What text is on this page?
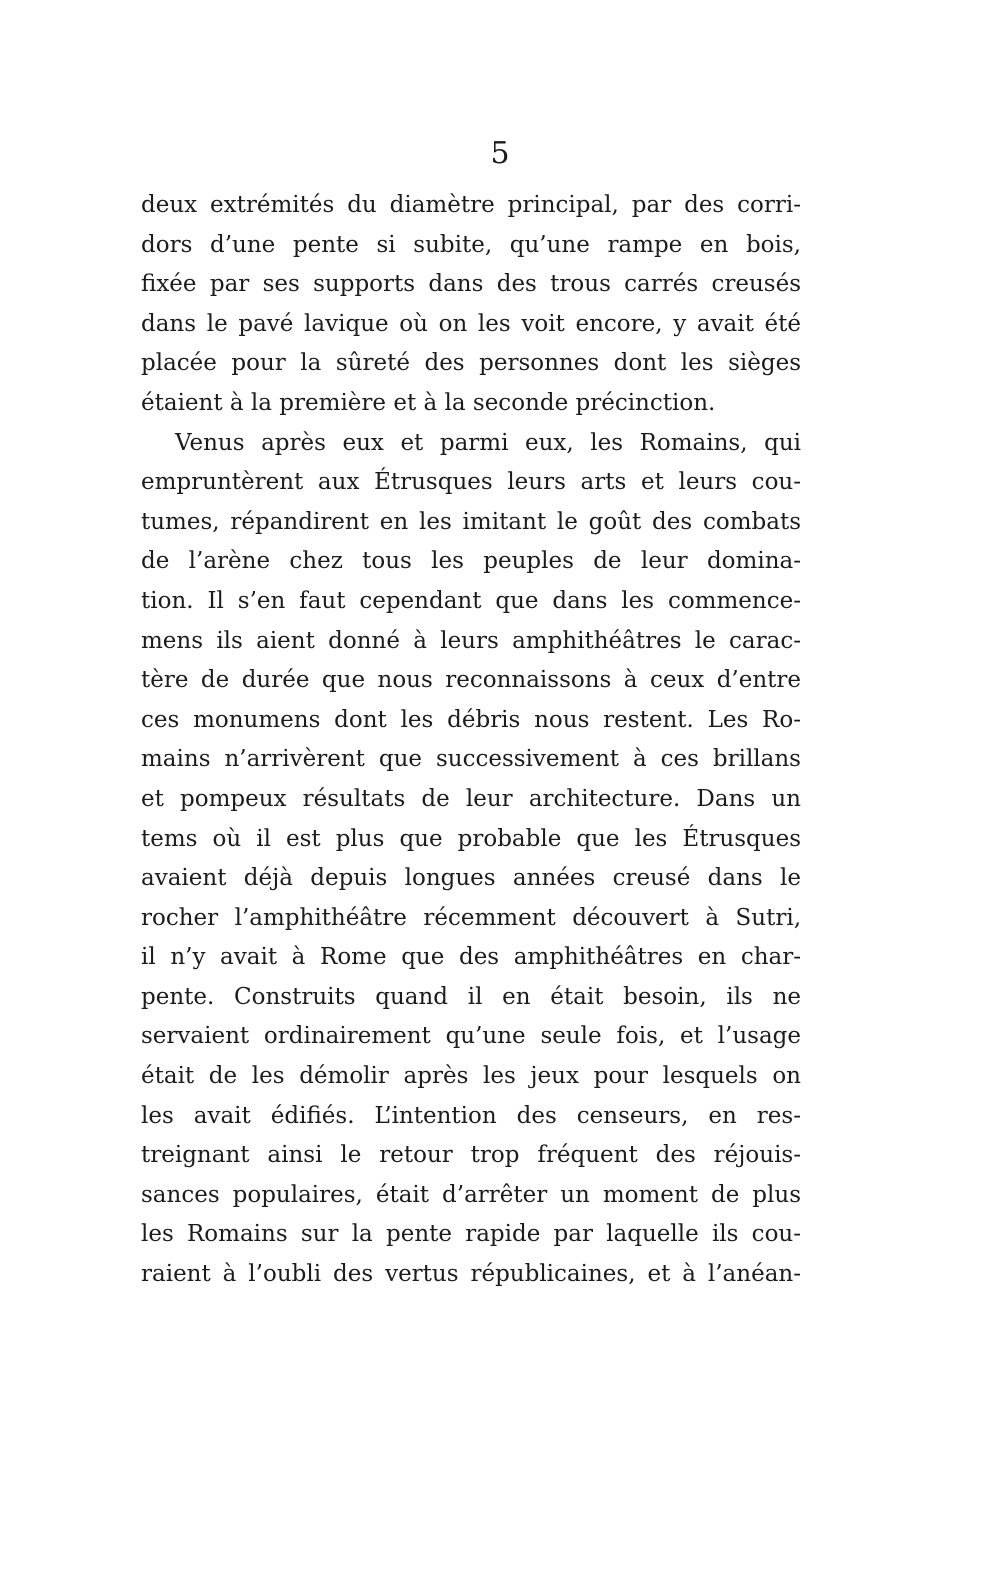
5
deux extrémités du diamètre principal, par des corri-
dors d’une pente si subite, qu’une rampe en bois,
fixée par ses supports dans des trous carrés creusés
dans le pavé lavique où on les voit encore, y avait été
placée pour la sûreté des personnes dont les sièges
étaient à la première et à la seconde précinction.
Venus après eux et parmi eux, les Romains, qui
empruntèrent aux Étrusques leurs arts et leurs cou-
tumes, répandirent en les imitant le goût des combats
de l’arène chez tous les peuples de leur domina-
tion. Il s’en faut cependant que dans les commence-
mens ils aient donné à leurs amphithéâtres le carac-
tère de durée que nous reconnaissons à ceux d’entre
ces monumens dont les débris nous restent. Les Ro-
mains n’arrivèrent que successivement à ces brillans
et pompeux résultats de leur architecture. Dans un
tems où il est plus que probable que les Étrusques
avaient déjà depuis longues années creusé dans le
rocher l’amphithéâtre récemment découvert à Sutri,
il n’y avait à Rome que des amphithéâtres en char-
pente. Construits quand il en était besoin, ils ne
servaient ordinairement qu’une seule fois, et l’usage
était de les démolir après les jeux pour lesquels on
les avait édifiés. L’intention des censeurs, en res-
treignant ainsi le retour trop fréquent des réjouis-
sances populaires, était d’arrêter un moment de plus
les Romains sur la pente rapide par laquelle ils cou-
raient à l’oubli des vertus républicaines, et à l’anéan-
